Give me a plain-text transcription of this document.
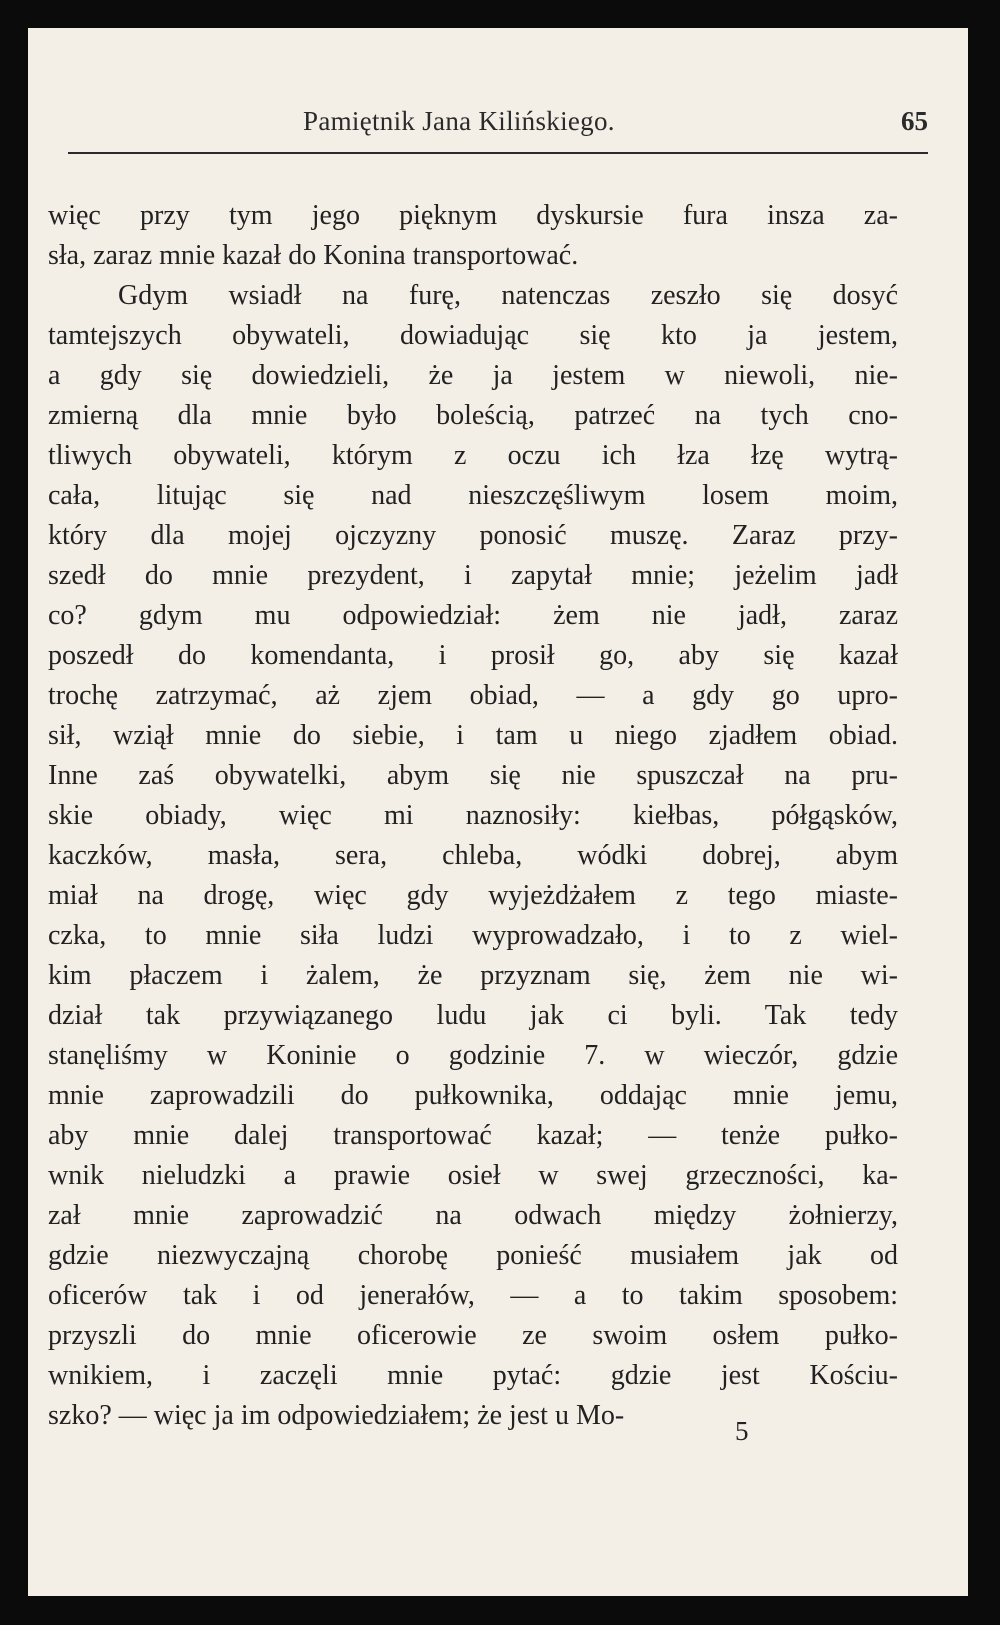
Pamiętnik Jana Kilińskiego.	65
więc przy tym jego pięknym dyskursie fura insza za-
sła, zaraz mnie kazał do Konina transportować.
Gdym wsiadł na furę, natenczas zeszło się dosyć
tamtejszych obywateli, dowiadując się kto ja jestem,
a gdy się dowiedzieli, że ja jestem w niewoli, nie-
zmierną dla mnie było boleścią, patrzeć na tych cno-
tliwych obywateli, którym z oczu ich łza łzę wytrą-
cała, litując się nad nieszczęśliwym losem moim,
który dla mojej ojczyzny ponosić muszę. Zaraz przy-
szedł do mnie prezydent, i zapytał mnie; jeżelim jadł
co? gdym mu odpowiedział: żem nie jadł, zaraz
poszedł do komendanta, i prosił go, aby się kazał
trochę zatrzymać, aż zjem obiad, — a gdy go upro-
sił, wziął mnie do siebie, i tam u niego zjadłem obiad.
Inne zaś obywatelki, abym się nie spuszczał na pru-
skie obiady, więc mi naznosiły: kiełbas, półgąsków,
kaczków, masła, sera, chleba, wódki dobrej, abym
miał na drogę, więc gdy wyjeżdżałem z tego miaste-
czka, to mnie siła ludzi wyprowadzało, i to z wiel-
kim płaczem i żalem, że przyznam się, żem nie wi-
dział tak przywiązanego ludu jak ci byli. Tak tedy
stanęliśmy w Koninie o godzinie 7. w wieczór, gdzie
mnie zaprowadzili do pułkownika, oddając mnie jemu,
aby mnie dalej transportować kazał; — tenże pułko-
wnik nieludzki a prawie osieł w swej grzeczności, ka-
zał mnie zaprowadzić na odwach między żołnierzy,
gdzie niezwyczajną chorobę ponieść musiałem jak od
oficerów tak i od jenerałów, — a to takim sposobem:
przyszli do mnie oficerowie ze swoim osłem pułko-
wnikiem, i zaczęli mnie pytać: gdzie jest Kościu-
szko? — więc ja im odpowiedziałem; że jest u Mo-	5
